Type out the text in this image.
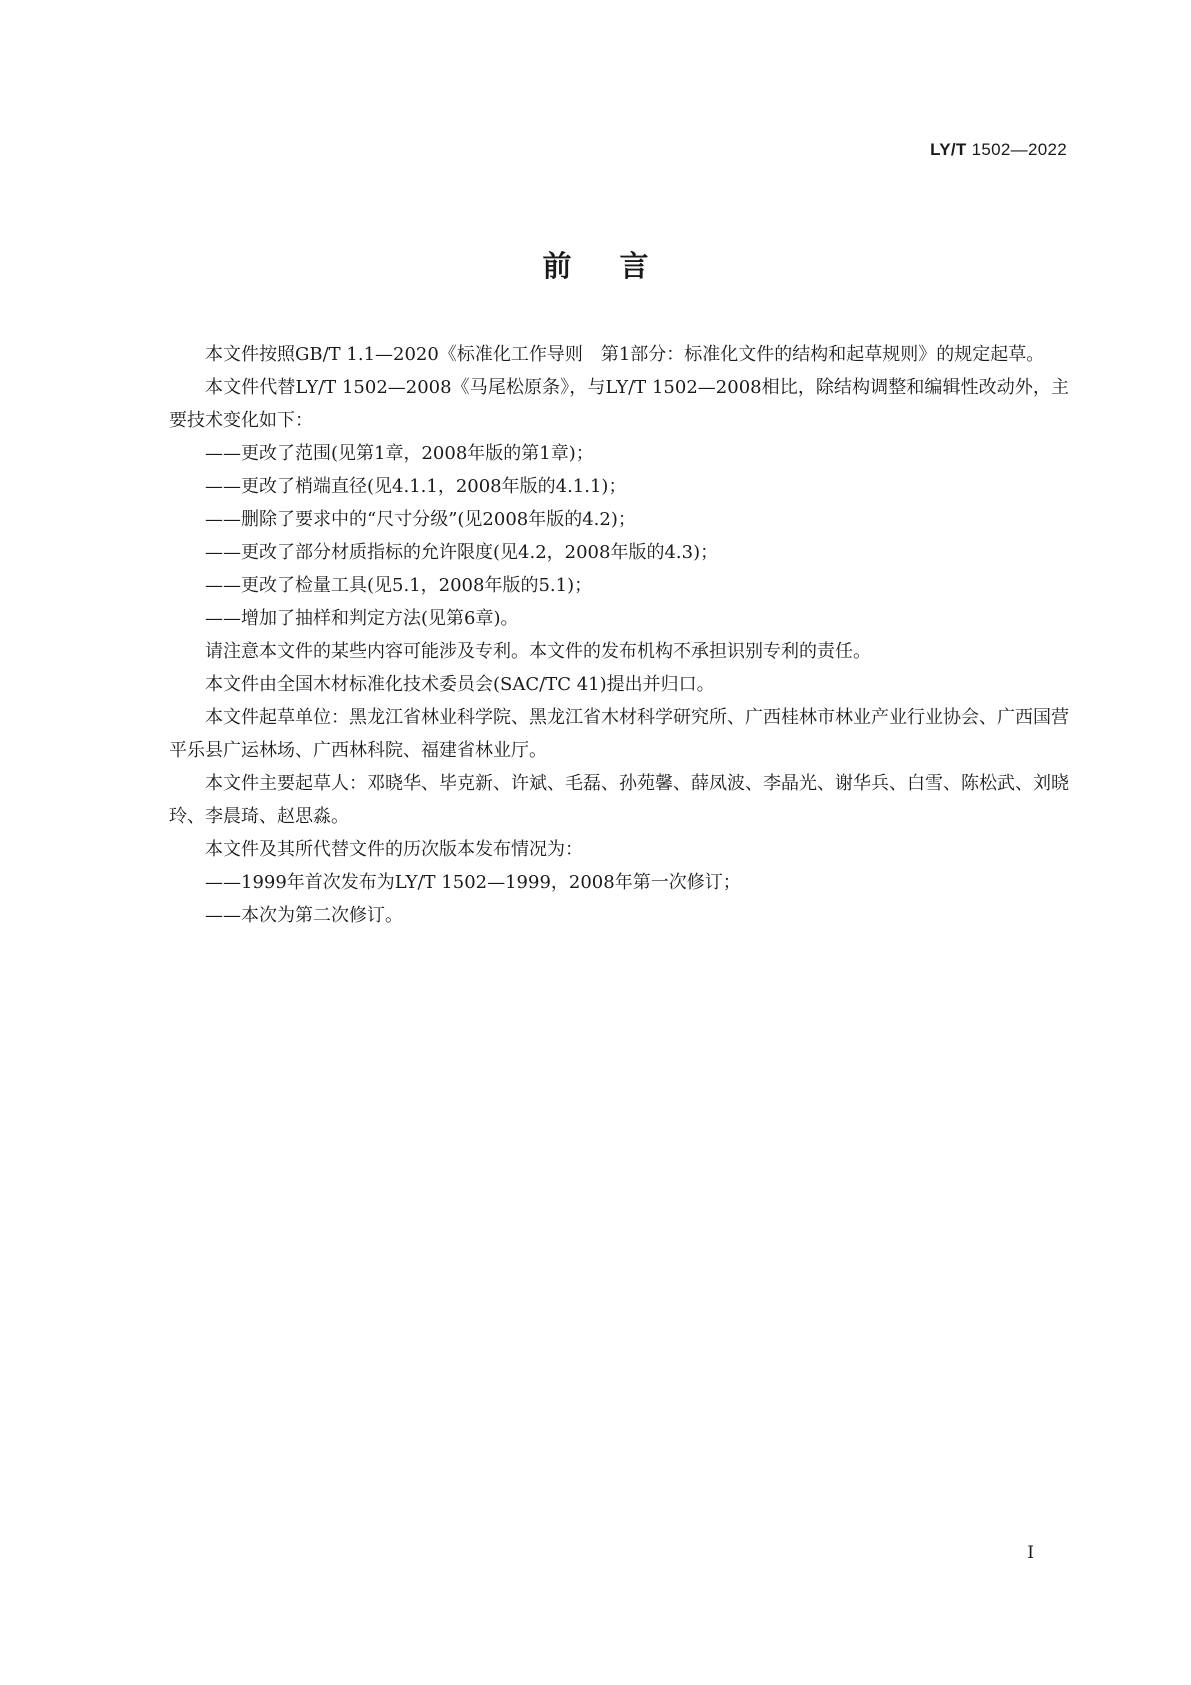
LY/T 1502—2022
前言

本文件按照GB/T 1.1—2020《标准化工作导则　第1部分：标准化文件的结构和起草规则》的规定起草。

本文件代替LY/T 1502—2008《马尾松原条》，与LY/T 1502—2008相比，除结构调整和编辑性改动外，主要技术变化如下：

——更改了范围(见第1章，2008年版的第1章)；

——更改了梢端直径(见4.1.1，2008年版的4.1.1)；

——删除了要求中的“尺寸分级”(见2008年版的4.2)；

——更改了部分材质指标的允许限度(见4.2，2008年版的4.3)；

——更改了检量工具(见5.1，2008年版的5.1)；

——增加了抽样和判定方法(见第6章)。

请注意本文件的某些内容可能涉及专利。本文件的发布机构不承担识别专利的责任。

本文件由全国木材标准化技术委员会(SAC/TC 41)提出并归口。

本文件起草单位：黑龙江省林业科学院、黑龙江省木材科学研究所、广西桂林市林业产业行业协会、广西国营平乐县广运林场、广西林科院、福建省林业厅。

本文件主要起草人：邓晓华、毕克新、许斌、毛磊、孙苑馨、薛凤波、李晶光、谢华兵、白雪、陈松武、刘晓玲、李晨琦、赵思淼。

本文件及其所代替文件的历次版本发布情况为：

——1999年首次发布为LY/T 1502—1999，2008年第一次修订；

——本次为第二次修订。

I
